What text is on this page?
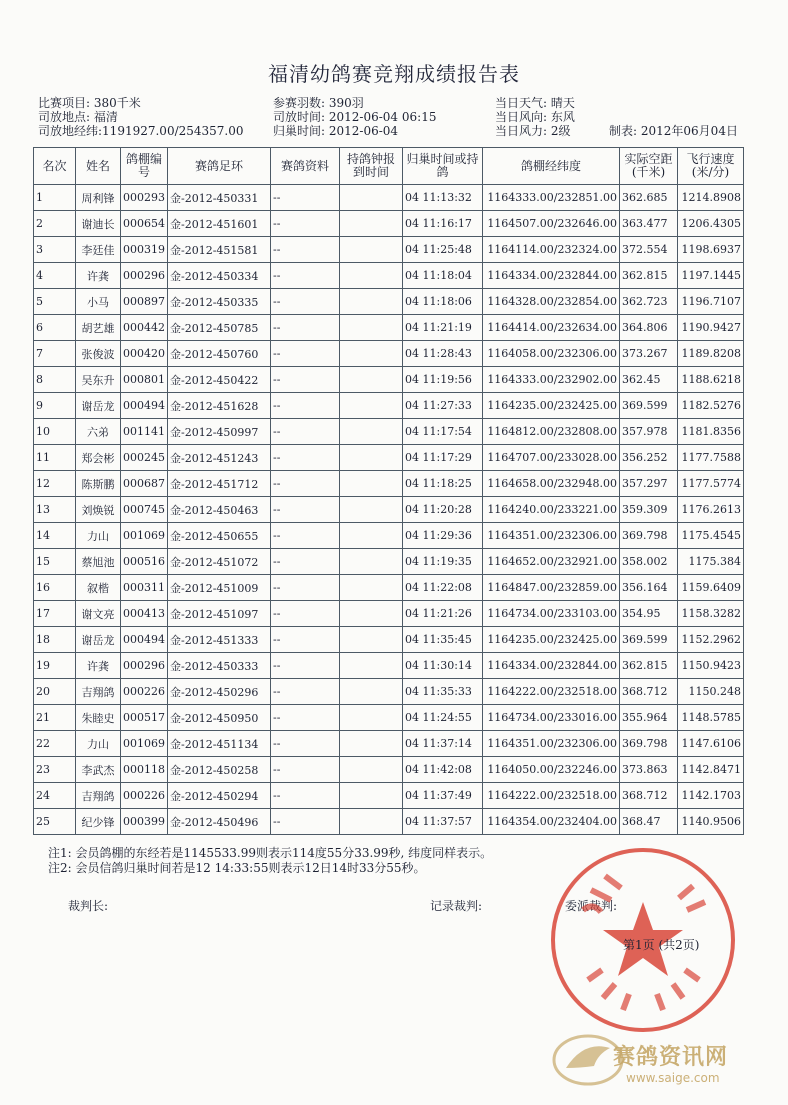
福清幼鸽赛竞翔成绩报告表
比赛项目: 380千米
司放地点: 福清
司放地经纬:1191927.00/254357.00
参赛羽数: 390羽
司放时间: 2012-06-04 06:15
归巢时间: 2012-06-04
当日天气: 晴天
当日风向: 东风
当日风力: 2级	制表: 2012年06月04日
名次	姓名	鸽棚编号	赛鸽足环	赛鸽资料	持鸽钟报到时间	归巢时间或持鸽	鸽棚经纬度	实际空距(千米)	飞行速度(米/分)
1	周利锋	000293	金-2012-450331	--		04 11:13:32	1164333.00/232851.00	362.685	1214.8908
2	谢迪长	000654	金-2012-451601	--		04 11:16:17	1164507.00/232646.00	363.477	1206.4305
3	李廷佳	000319	金-2012-451581	--		04 11:25:48	1164114.00/232324.00	372.554	1198.6937
4	许龚	000296	金-2012-450334	--		04 11:18:04	1164334.00/232844.00	362.815	1197.1445
5	小马	000897	金-2012-450335	--		04 11:18:06	1164328.00/232854.00	362.723	1196.7107
6	胡艺雄	000442	金-2012-450785	--		04 11:21:19	1164414.00/232634.00	364.806	1190.9427
7	张俊波	000420	金-2012-450760	--		04 11:28:43	1164058.00/232306.00	373.267	1189.8208
8	吴东升	000801	金-2012-450422	--		04 11:19:56	1164333.00/232902.00	362.45	1188.6218
9	谢岳龙	000494	金-2012-451628	--		04 11:27:33	1164235.00/232425.00	369.599	1182.5276
10	六弟	001141	金-2012-450997	--		04 11:17:54	1164812.00/232808.00	357.978	1181.8356
11	郑会彬	000245	金-2012-451243	--		04 11:17:29	1164707.00/233028.00	356.252	1177.7588
12	陈斯鹏	000687	金-2012-451712	--		04 11:18:25	1164658.00/232948.00	357.297	1177.5774
13	刘焕锐	000745	金-2012-450463	--		04 11:20:28	1164240.00/233221.00	359.309	1176.2613
14	力山	001069	金-2012-450655	--		04 11:29:36	1164351.00/232306.00	369.798	1175.4545
15	蔡旭池	000516	金-2012-451072	--		04 11:19:35	1164652.00/232921.00	358.002	1175.384
16	叙楷	000311	金-2012-451009	--		04 11:22:08	1164847.00/232859.00	356.164	1159.6409
17	谢文亮	000413	金-2012-451097	--		04 11:21:26	1164734.00/233103.00	354.95	1158.3282
18	谢岳龙	000494	金-2012-451333	--		04 11:35:45	1164235.00/232425.00	369.599	1152.2962
19	许龚	000296	金-2012-450333	--		04 11:30:14	1164334.00/232844.00	362.815	1150.9423
20	吉翔鸽	000226	金-2012-450296	--		04 11:35:33	1164222.00/232518.00	368.712	1150.248
21	朱睦史	000517	金-2012-450950	--		04 11:24:55	1164734.00/233016.00	355.964	1148.5785
22	力山	001069	金-2012-451134	--		04 11:37:14	1164351.00/232306.00	369.798	1147.6106
23	李武杰	000118	金-2012-450258	--		04 11:42:08	1164050.00/232246.00	373.863	1142.8471
24	吉翔鸽	000226	金-2012-450294	--		04 11:37:49	1164222.00/232518.00	368.712	1142.1703
25	纪少锋	000399	金-2012-450496	--		04 11:37:57	1164354.00/232404.00	368.47	1140.9506
注1: 会员鸽棚的东经若是1145533.99则表示114度55分33.99秒, 纬度同样表示。
注2: 会员信鸽归巢时间若是12 14:33:55则表示12日14时33分55秒。
裁判长:	记录裁判:	委派裁判:
第1页 (共2页)
赛鸽资讯网
www.saige.com
